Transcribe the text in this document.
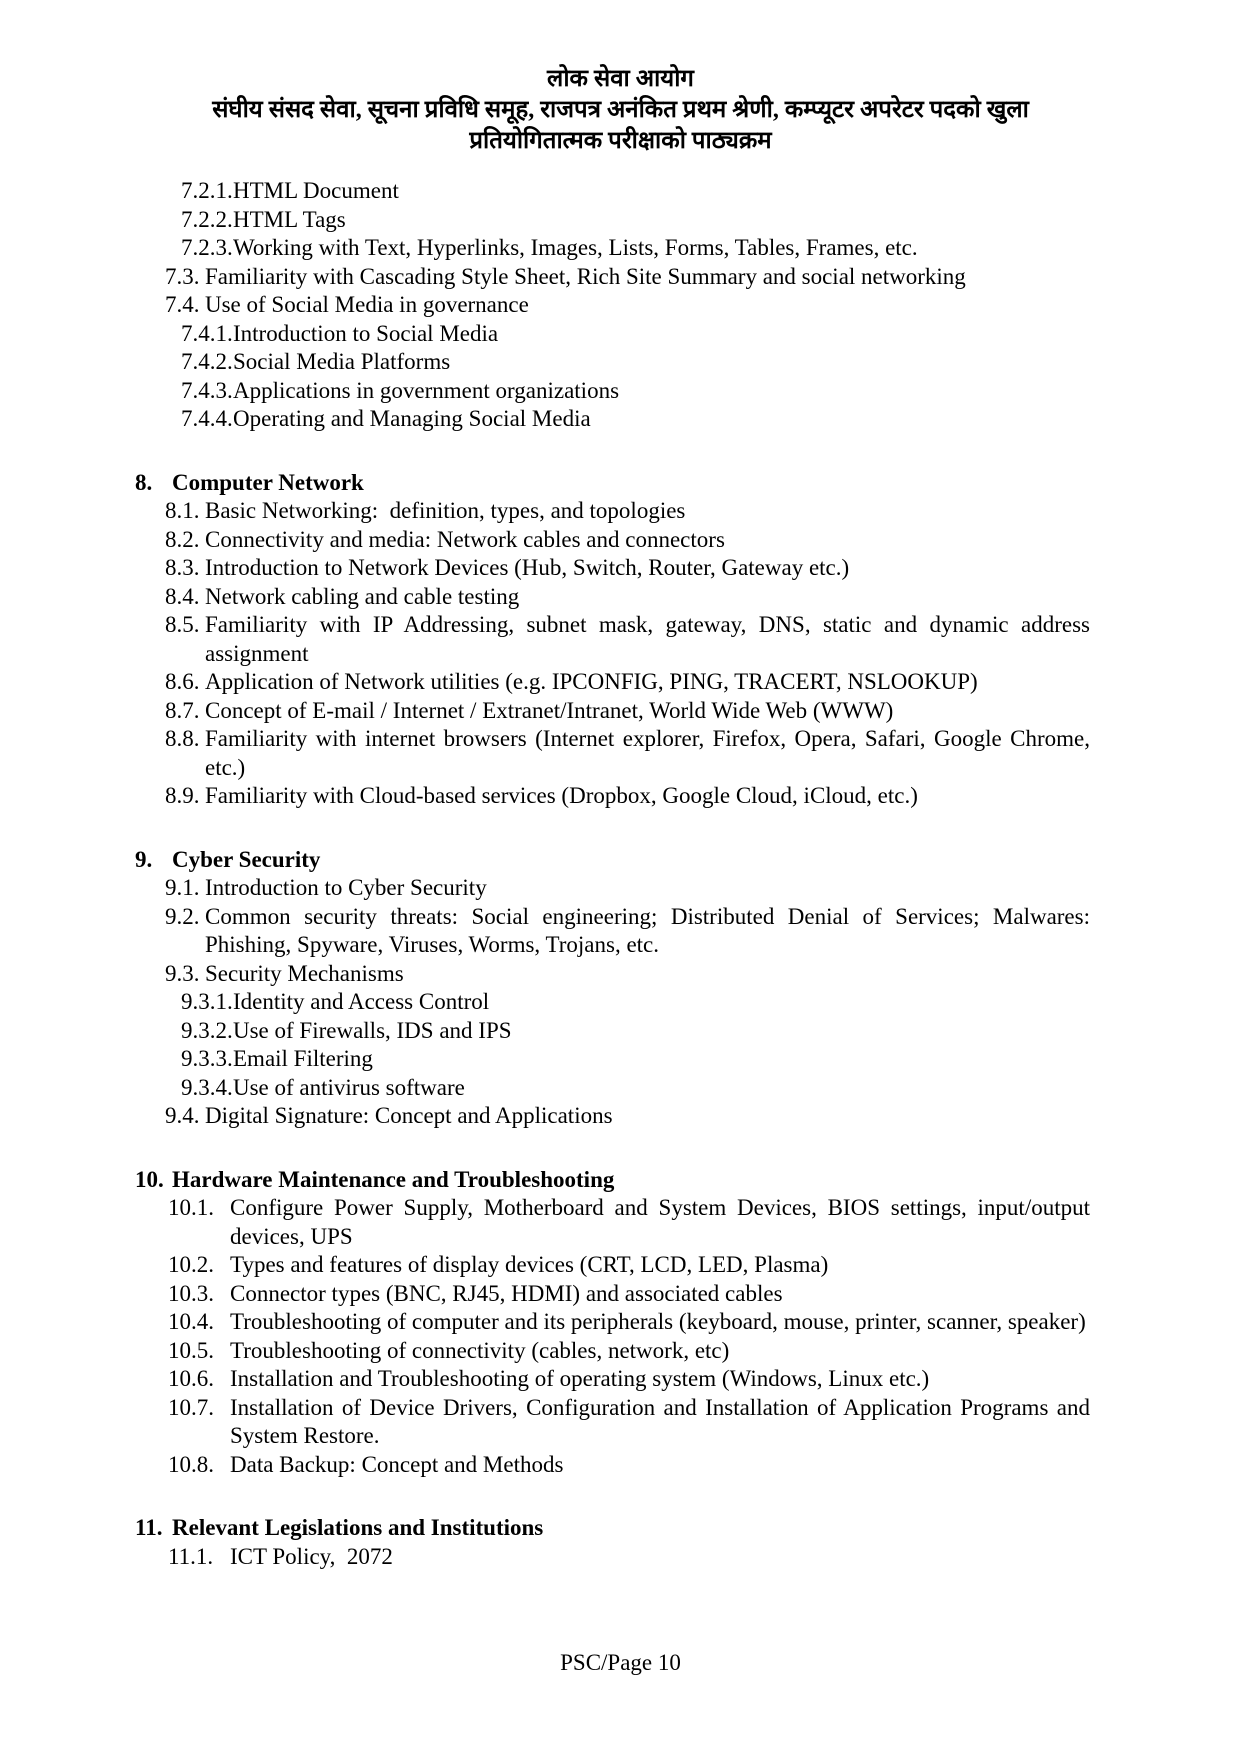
लोक सेवा आयोग
संघीय संसद सेवा, सूचना प्रविधि समूह, राजपत्र अनंकित प्रथम श्रेणी, कम्प्यूटर अपरेटर पदको खुला
प्रतियोगितात्मक परीक्षाको पाठ्यक्रम
7.2.1.HTML Document
7.2.2.HTML Tags
7.2.3.Working with Text, Hyperlinks, Images, Lists, Forms, Tables, Frames, etc.
7.3. Familiarity with Cascading Style Sheet, Rich Site Summary and social networking
7.4. Use of Social Media in governance
7.4.1.Introduction to Social Media
7.4.2.Social Media Platforms
7.4.3.Applications in government organizations
7.4.4.Operating and Managing Social Media
8. Computer Network
8.1. Basic Networking:  definition, types, and topologies
8.2. Connectivity and media: Network cables and connectors
8.3. Introduction to Network Devices (Hub, Switch, Router, Gateway etc.)
8.4. Network cabling and cable testing
8.5. Familiarity with IP Addressing, subnet mask, gateway, DNS, static and dynamic address assignment
8.6. Application of Network utilities (e.g. IPCONFIG, PING, TRACERT, NSLOOKUP)
8.7. Concept of E-mail / Internet / Extranet/Intranet, World Wide Web (WWW)
8.8. Familiarity with internet browsers (Internet explorer, Firefox, Opera, Safari, Google Chrome, etc.)
8.9. Familiarity with Cloud-based services (Dropbox, Google Cloud, iCloud, etc.)
9. Cyber Security
9.1. Introduction to Cyber Security
9.2. Common security threats: Social engineering; Distributed Denial of Services; Malwares: Phishing, Spyware, Viruses, Worms, Trojans, etc.
9.3. Security Mechanisms
9.3.1.Identity and Access Control
9.3.2.Use of Firewalls, IDS and IPS
9.3.3.Email Filtering
9.3.4.Use of antivirus software
9.4. Digital Signature: Concept and Applications
10. Hardware Maintenance and Troubleshooting
10.1. Configure Power Supply, Motherboard and System Devices, BIOS settings, input/output devices, UPS
10.2. Types and features of display devices (CRT, LCD, LED, Plasma)
10.3. Connector types (BNC, RJ45, HDMI) and associated cables
10.4. Troubleshooting of computer and its peripherals (keyboard, mouse, printer, scanner, speaker)
10.5. Troubleshooting of connectivity (cables, network, etc)
10.6. Installation and Troubleshooting of operating system (Windows, Linux etc.)
10.7. Installation of Device Drivers, Configuration and Installation of Application Programs and System Restore.
10.8. Data Backup: Concept and Methods
11. Relevant Legislations and Institutions
11.1. ICT Policy,  2072
PSC/Page 10
